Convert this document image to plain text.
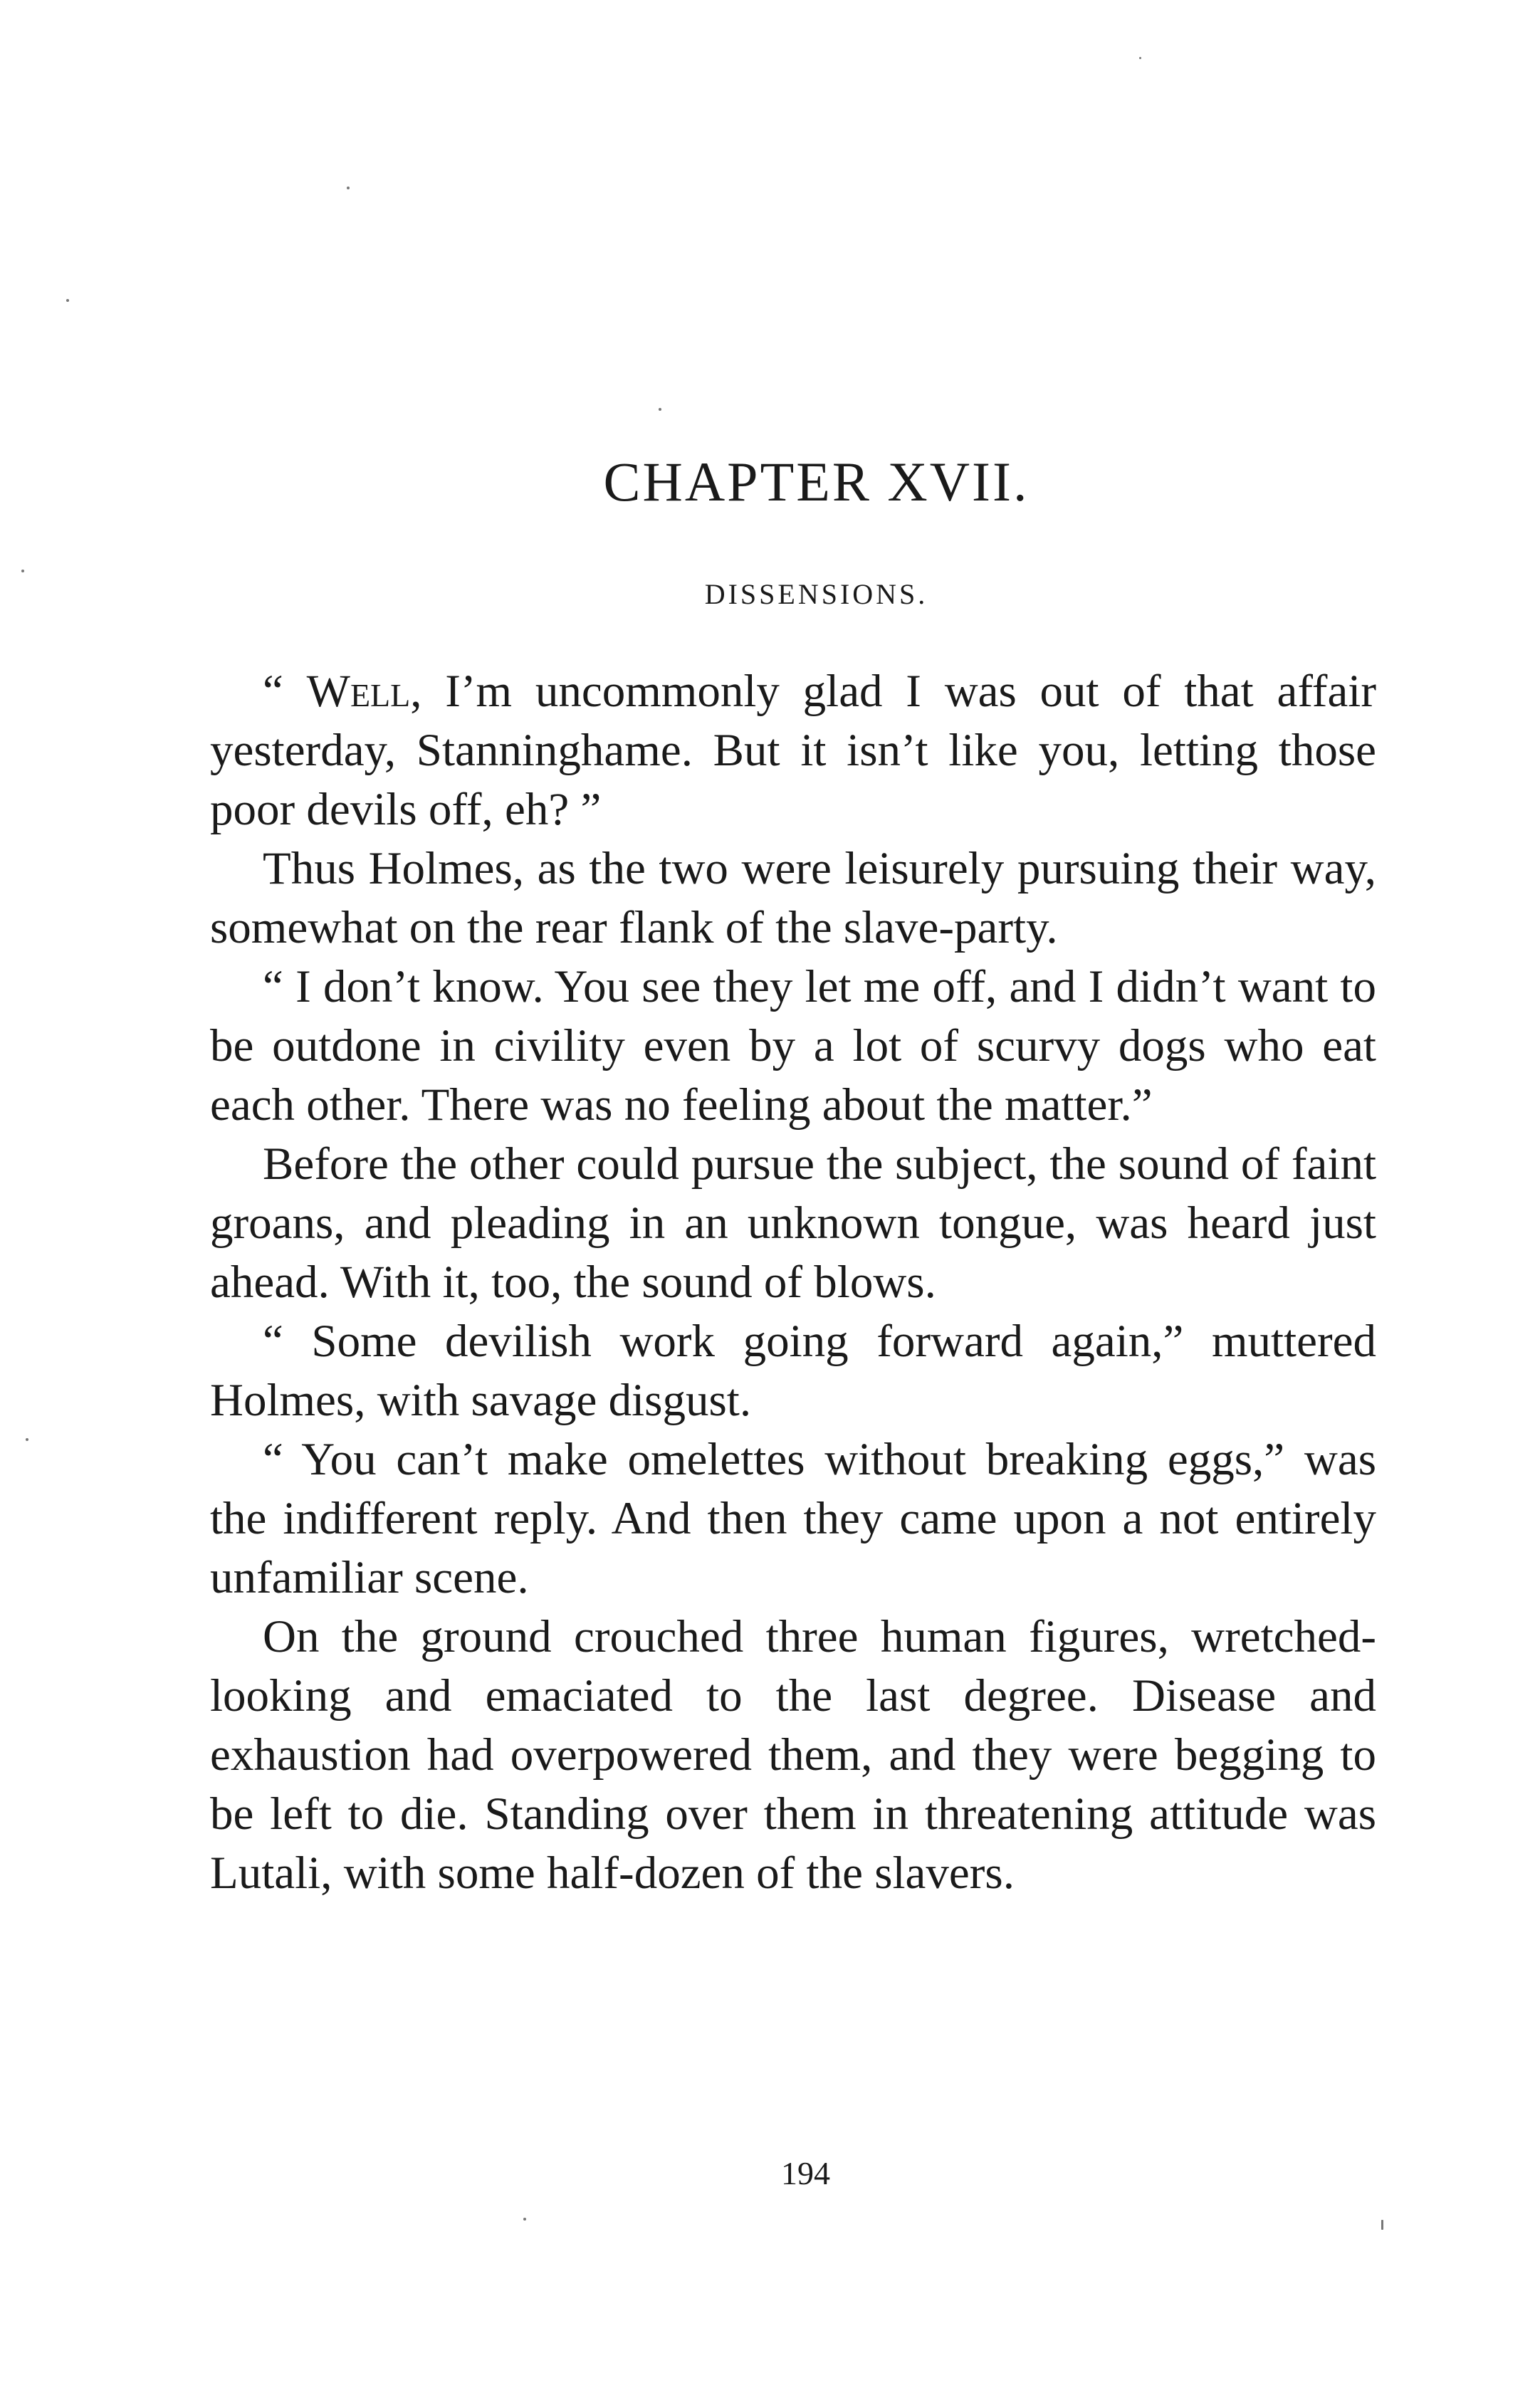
CHAPTER XVII.
DISSENSIONS.

“ Well, I’m uncommonly glad I was out of that affair yesterday, Stanninghame. But it isn’t like you, letting those poor devils off, eh? ”

Thus Holmes, as the two were leisurely pursuing their way, somewhat on the rear flank of the slave-party.

“ I don’t know. You see they let me off, and I didn’t want to be outdone in civility even by a lot of scurvy dogs who eat each other. There was no feeling about the matter.”

Before the other could pursue the subject, the sound of faint groans, and pleading in an unknown tongue, was heard just ahead. With it, too, the sound of blows.

“ Some devilish work going forward again,” muttered Holmes, with savage disgust.

“ You can’t make omelettes without breaking eggs,” was the indifferent reply. And then they came upon a not entirely unfamiliar scene.

On the ground crouched three human figures, wretched-looking and emaciated to the last degree. Disease and exhaustion had overpowered them, and they were begging to be left to die. Standing over them in threatening attitude was Lutali, with some half-dozen of the slavers.

194
